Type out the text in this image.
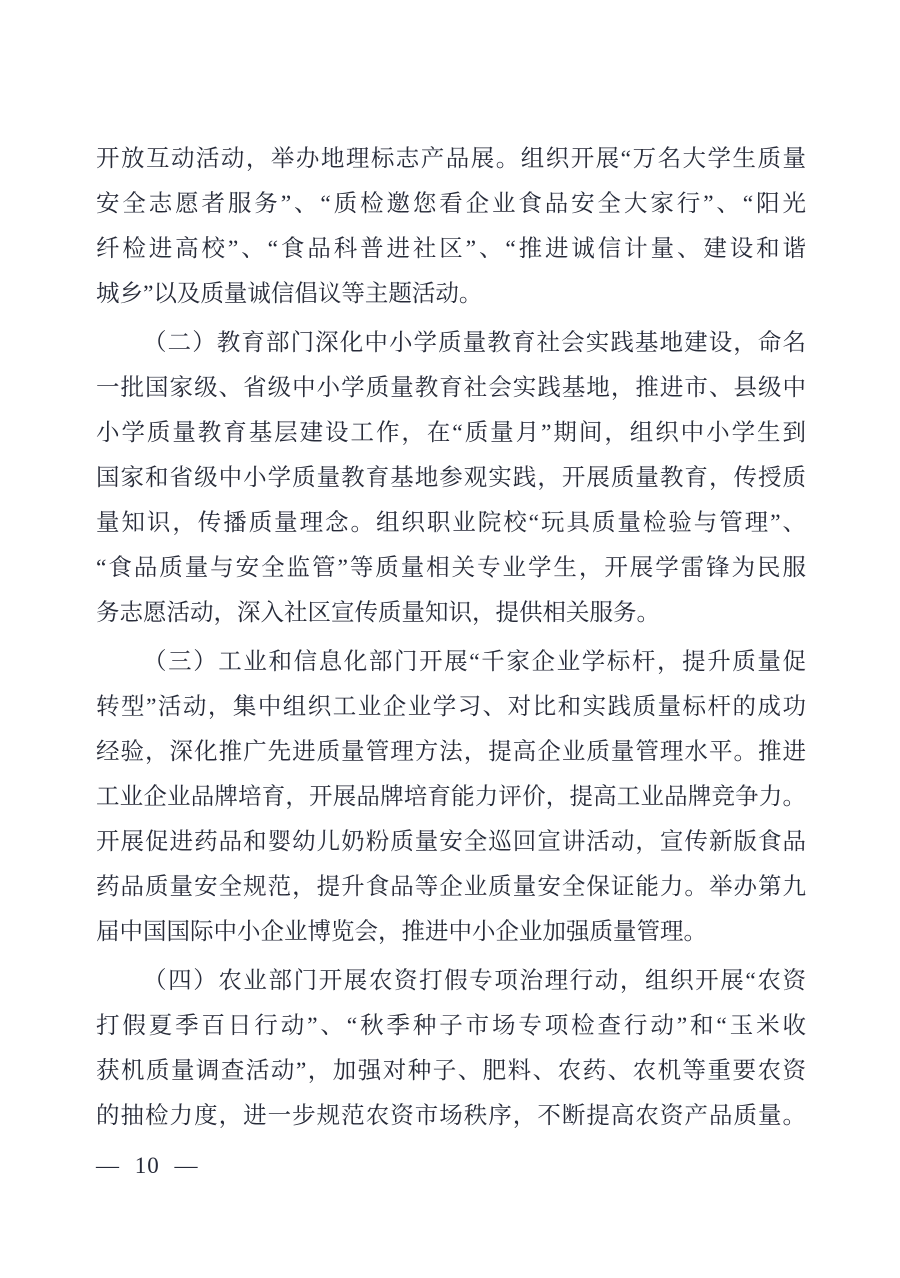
开放互动活动，举办地理标志产品展。组织开展“万名大学生质量
安全志愿者服务”、“质检邀您看企业食品安全大家行”、“阳光
纤检进高校”、“食品科普进社区”、“推进诚信计量、建设和谐
城乡”以及质量诚信倡议等主题活动。
（二）教育部门深化中小学质量教育社会实践基地建设，命名
一批国家级、省级中小学质量教育社会实践基地，推进市、县级中
小学质量教育基层建设工作，在“质量月”期间，组织中小学生到
国家和省级中小学质量教育基地参观实践，开展质量教育，传授质
量知识，传播质量理念。组织职业院校“玩具质量检验与管理”、
“食品质量与安全监管”等质量相关专业学生，开展学雷锋为民服
务志愿活动，深入社区宣传质量知识，提供相关服务。
（三）工业和信息化部门开展“千家企业学标杆，提升质量促
转型”活动，集中组织工业企业学习、对比和实践质量标杆的成功
经验，深化推广先进质量管理方法，提高企业质量管理水平。推进
工业企业品牌培育，开展品牌培育能力评价，提高工业品牌竞争力。
开展促进药品和婴幼儿奶粉质量安全巡回宣讲活动，宣传新版食品
药品质量安全规范，提升食品等企业质量安全保证能力。举办第九
届中国国际中小企业博览会，推进中小企业加强质量管理。
（四）农业部门开展农资打假专项治理行动，组织开展“农资
打假夏季百日行动”、“秋季种子市场专项检查行动”和“玉米收
获机质量调查活动”，加强对种子、肥料、农药、农机等重要农资
的抽检力度，进一步规范农资市场秩序，不断提高农资产品质量。
— 10 —
